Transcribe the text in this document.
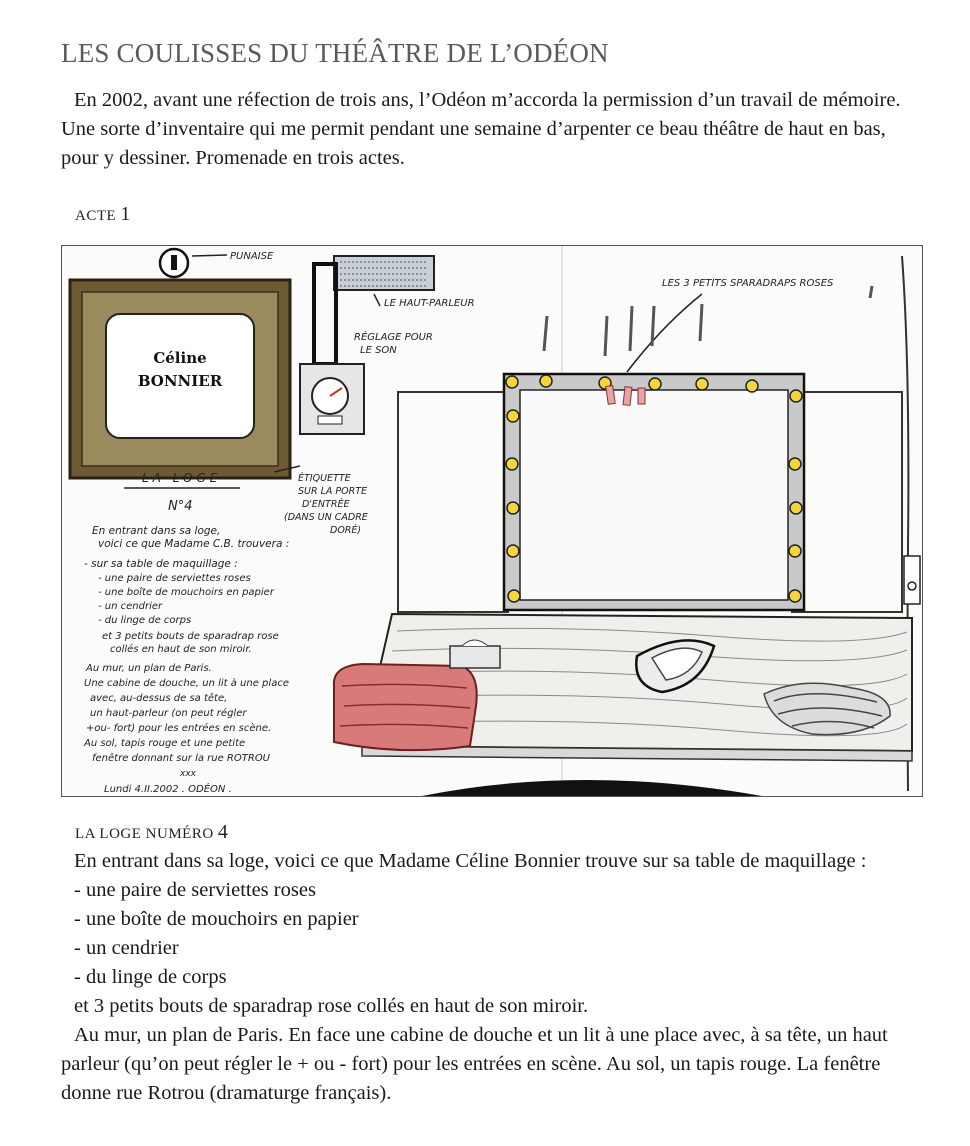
LES COULISSES DU THÉÂTRE DE L’ODÉON

En 2002, avant une réfection de trois ans, l’Odéon m’accorda la permission d’un travail de mémoire. Une sorte d’inventaire qui me permit pendant une semaine d’arpenter ce beau théâtre de haut en bas, pour y dessiner. Promenade en trois actes.

ACTE 1
PUNAISE
Céline
BONNIER
LE HAUT-PARLEUR
RÉGLAGE POUR
LE SON
LES 3 PETITS SPARADRAPS ROSES
LA LOGE
N°4
ÉTIQUETTE
SUR LA PORTE
D'ENTRÉE
(DANS UN CADRE
DORÉ)
En entrant dans sa loge,
voici ce que Madame C.B. trouvera :
- sur sa table de maquillage :
- une paire de serviettes roses
- une boîte de mouchoirs en papier
- un cendrier
- du linge de corps
et 3 petits bouts de sparadrap rose
collés en haut de son miroir.
Au mur, un plan de Paris.
Une cabine de douche, un lit à une place
avec, au-dessus de sa tête,
un haut-parleur (on peut régler
+ou- fort) pour les entrées en scène.
Au sol, tapis rouge et une petite
fenêtre donnant sur la rue ROTROU
xxx
Lundi 4.II.2002 . ODÉON .
LA LOGE NUMÉRO 4
En entrant dans sa loge, voici ce que Madame Céline Bonnier trouve sur sa table de maquillage :
- une paire de serviettes roses
- une boîte de mouchoirs en papier
- un cendrier
- du linge de corps
et 3 petits bouts de sparadrap rose collés en haut de son miroir.
Au mur, un plan de Paris. En face une cabine de douche et un lit à une place avec, à sa tête, un haut parleur (qu’on peut régler le + ou - fort) pour les entrées en scène. Au sol, un tapis rouge. La fenêtre donne rue Rotrou (dramaturge français).
